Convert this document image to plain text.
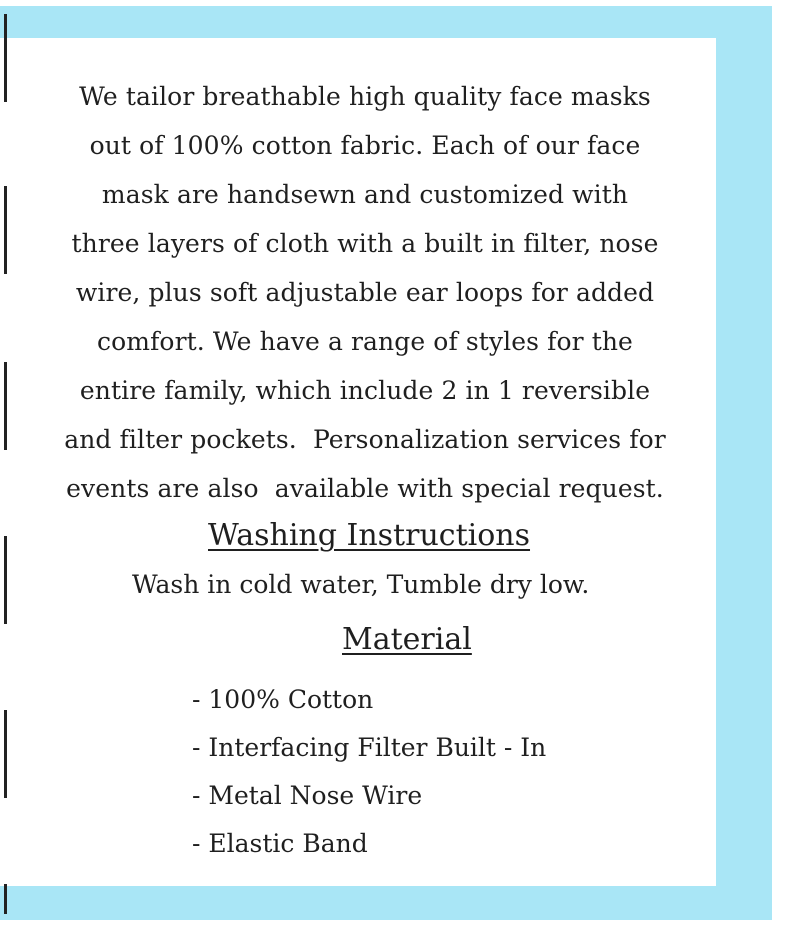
We tailor breathable high quality face masks
out of 100% cotton fabric. Each of our face
mask are handsewn and customized with
three layers of cloth with a built in filter, nose
wire, plus soft adjustable ear loops for added
comfort. We have a range of styles for the
entire family, which include 2 in 1 reversible
and filter pockets.  Personalization services for
events are also  available with special request.
Washing Instructions
Wash in cold water, Tumble dry low.
Material
- 100% Cotton
- Interfacing Filter Built - In
- Metal Nose Wire
- Elastic Band
